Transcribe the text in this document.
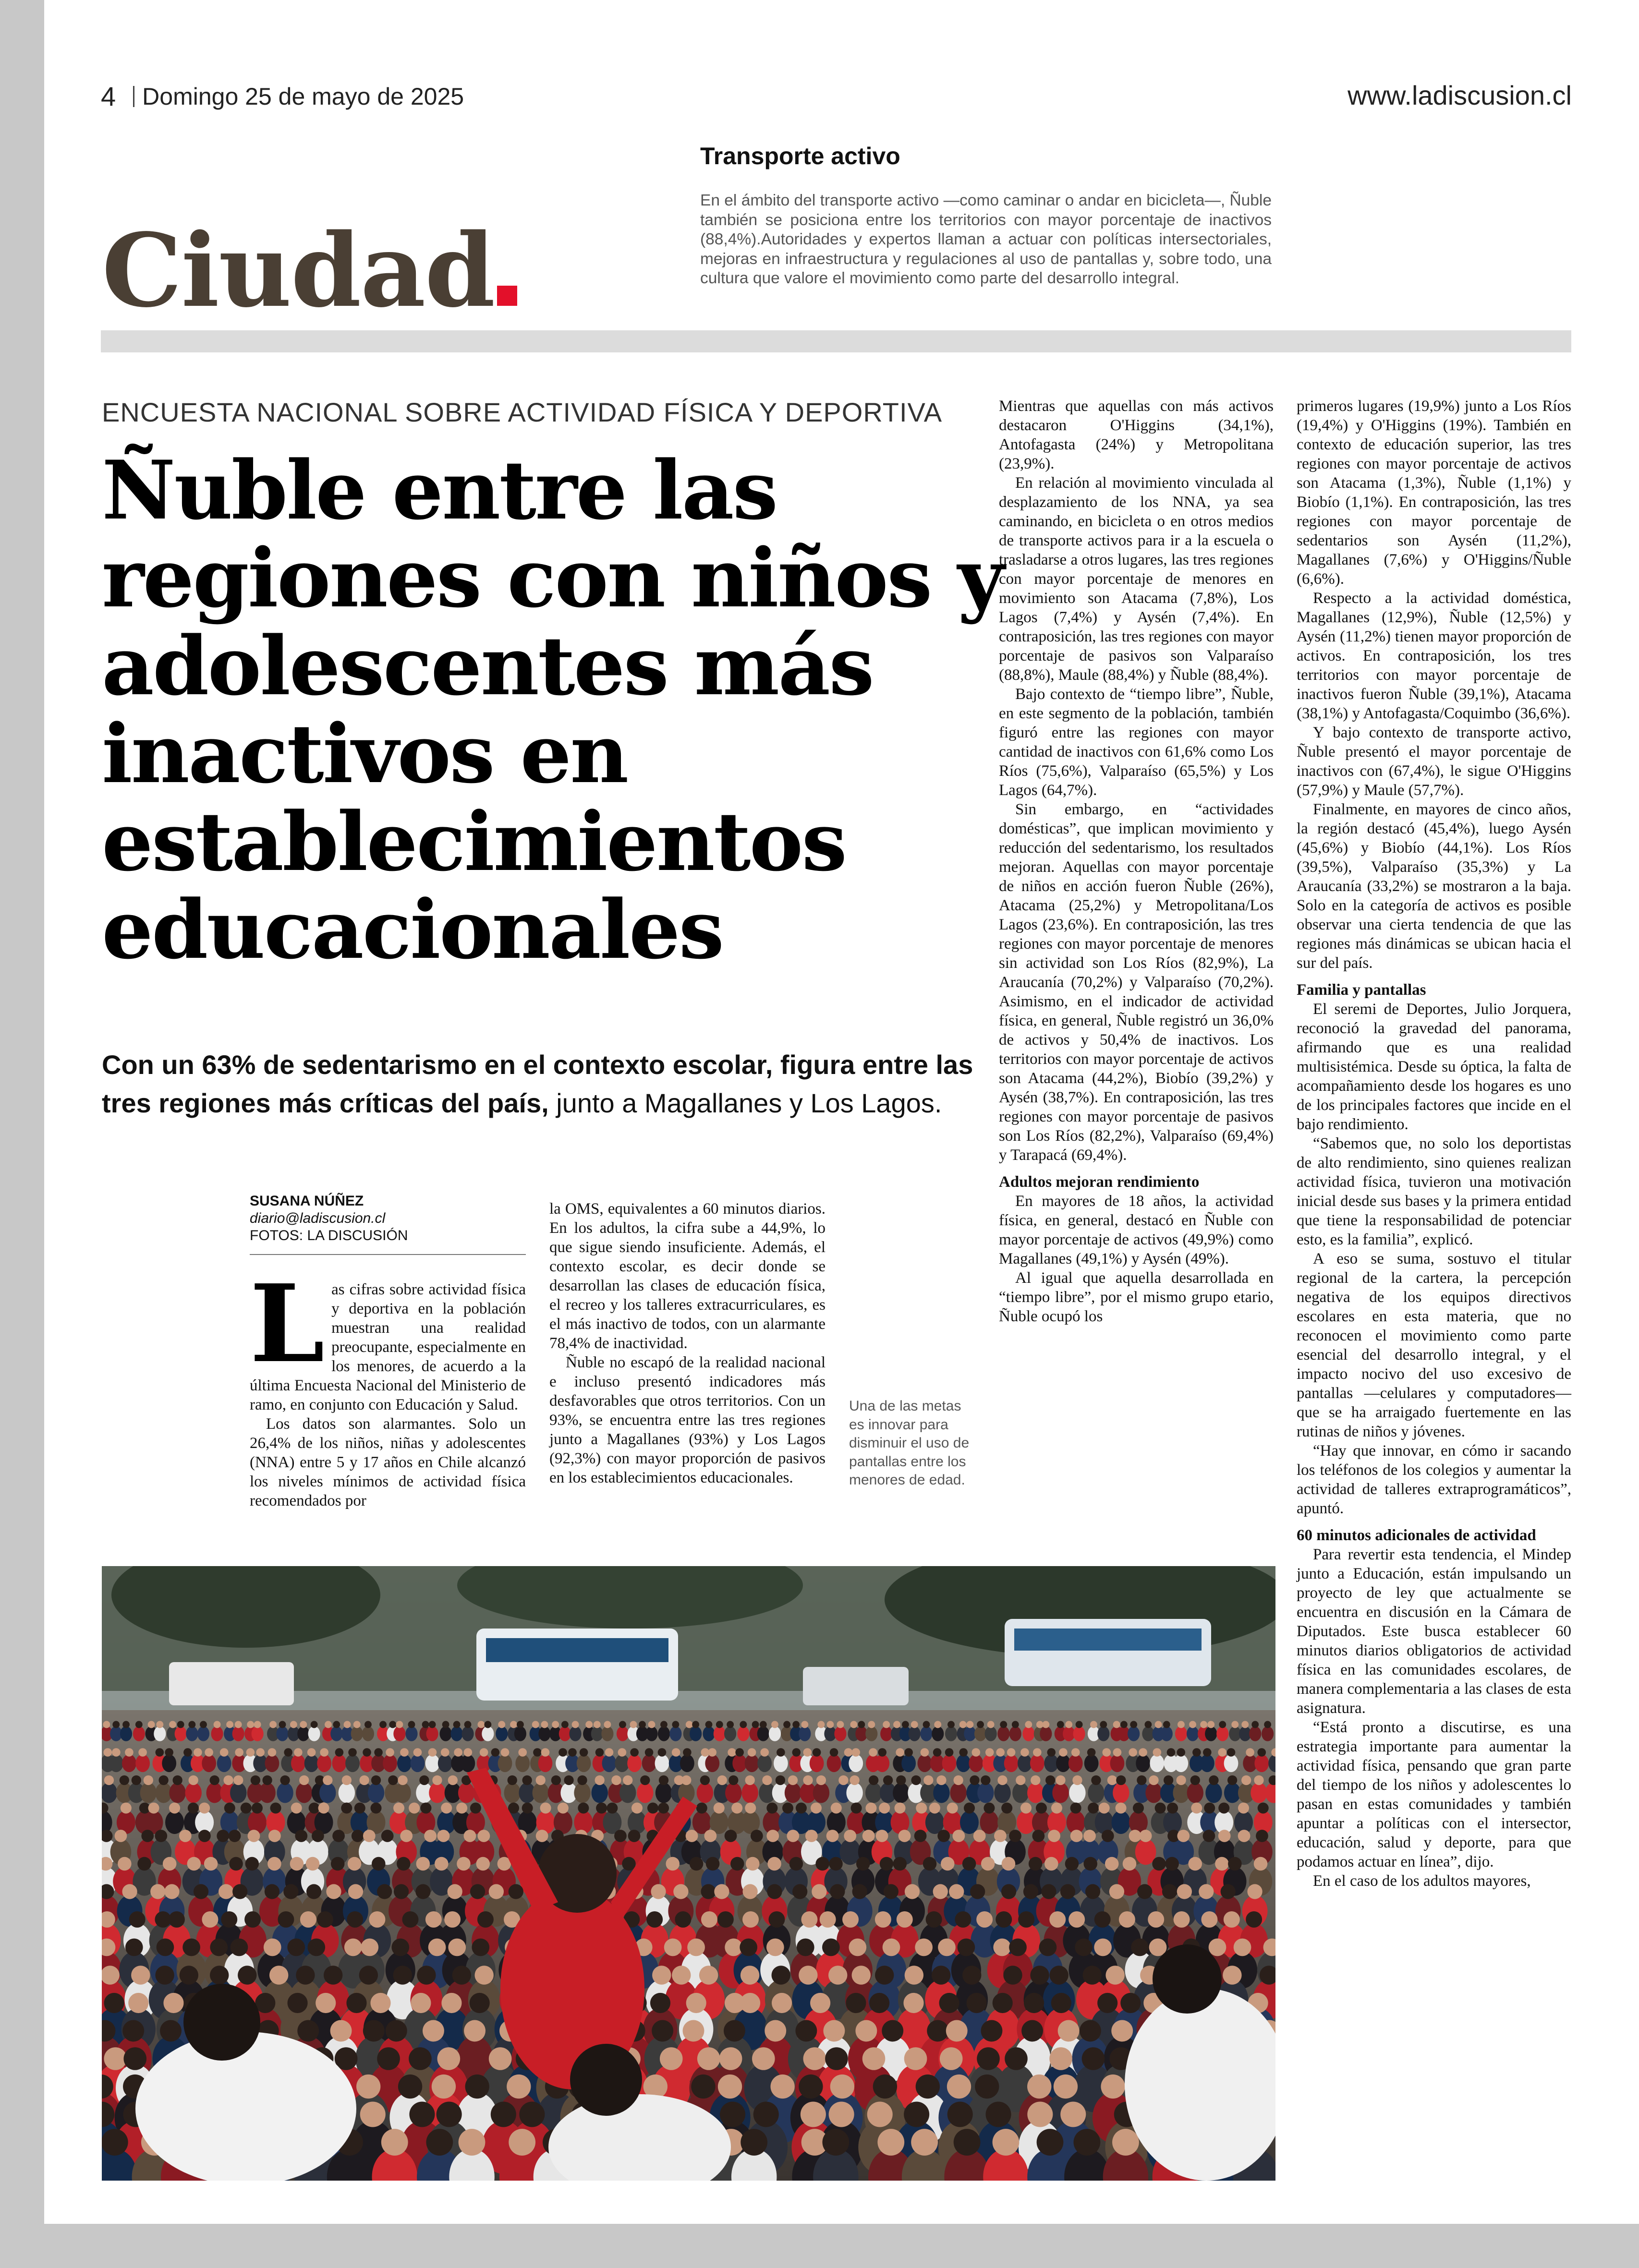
4 Domingo 25 de mayo de 2025	www.ladiscusion.cl
Ciudad
Transporte activo
En el ámbito del transporte activo —como caminar o andar en bicicleta—, Ñuble también se posiciona entre los territorios con mayor porcentaje de inactivos (88,4%).Autoridades y expertos llaman a actuar con políticas intersectoriales, mejoras en infraestructura y regulaciones al uso de pantallas y, sobre todo, una cultura que valore el movimiento como parte del desarrollo integral.
ENCUESTA NACIONAL SOBRE ACTIVIDAD FÍSICA Y DEPORTIVA
Ñuble entre las regiones con niños y adolescentes más inactivos en establecimientos educacionales
Con un 63% de sedentarismo en el contexto escolar, figura entre las tres regiones más críticas del país, junto a Magallanes y Los Lagos.
SUSANA NÚÑEZ
diario@ladiscusion.cl
FOTOS: LA DISCUSIÓN
L as cifras sobre actividad física y deportiva en la población muestran una realidad preocupante, especialmente en los menores, de acuerdo a la última Encuesta Nacional del Ministerio de ramo, en conjunto con Educación y Salud.

Los datos son alarmantes. Solo un 26,4% de los niños, niñas y adolescentes (NNA) entre 5 y 17 años en Chile alcanzó los niveles mínimos de actividad física recomendados por

la OMS, equivalentes a 60 minutos diarios. En los adultos, la cifra sube a 44,9%, lo que sigue siendo insuficiente. Además, el contexto escolar, es decir donde se desarrollan las clases de educación física, el recreo y los talleres extracurriculares, es el más inactivo de todos, con un alarmante 78,4% de inactividad.

Ñuble no escapó de la realidad nacional e incluso presentó indicadores más desfavorables que otros territorios. Con un 93%, se encuentra entre las tres regiones junto a Magallanes (93%) y Los Lagos (92,3%) con mayor proporción de pasivos en los establecimientos educacionales.

Una de las metas es innovar para disminuir el uso de pantallas entre los menores de edad.

Mientras que aquellas con más activos destacaron O'Higgins (34,1%), Antofagasta (24%) y Metropolitana (23,9%).

En relación al movimiento vinculada al desplazamiento de los NNA, ya sea caminando, en bicicleta o en otros medios de transporte activos para ir a la escuela o trasladarse a otros lugares, las tres regiones con mayor porcentaje de menores en movimiento son Atacama (7,8%), Los Lagos (7,4%) y Aysén (7,4%). En contraposición, las tres regiones con mayor porcentaje de pasivos son Valparaíso (88,8%), Maule (88,4%) y Ñuble (88,4%).

Bajo contexto de “tiempo libre”, Ñuble, en este segmento de la población, también figuró entre las regiones con mayor cantidad de inactivos con 61,6% como Los Ríos (75,6%), Valparaíso (65,5%) y Los Lagos (64,7%).

Sin embargo, en “actividades domésticas”, que implican movimiento y reducción del sedentarismo, los resultados mejoran. Aquellas con mayor porcentaje de niños en acción fueron Ñuble (26%), Atacama (25,2%) y Metropolitana/Los Lagos (23,6%). En contraposición, las tres regiones con mayor porcentaje de menores sin actividad son Los Ríos (82,9%), La Araucanía (70,2%) y Valparaíso (70,2%). Asimismo, en el indicador de actividad física, en general, Ñuble registró un 36,0% de activos y 50,4% de inactivos. Los territorios con mayor porcentaje de activos son Atacama (44,2%), Biobío (39,2%) y Aysén (38,7%). En contraposición, las tres regiones con mayor porcentaje de pasivos son Los Ríos (82,2%), Valparaíso (69,4%) y Tarapacá (69,4%).

Adultos mejoran rendimiento

En mayores de 18 años, la actividad física, en general, destacó en Ñuble con mayor porcentaje de activos (49,9%) como Magallanes (49,1%) y Aysén (49%).

Al igual que aquella desarrollada en “tiempo libre”, por el mismo grupo etario, Ñuble ocupó los

primeros lugares (19,9%) junto a Los Ríos (19,4%) y O'Higgins (19%). También en contexto de educación superior, las tres regiones con mayor porcentaje de activos son Atacama (1,3%), Ñuble (1,1%) y Biobío (1,1%). En contraposición, las tres regiones con mayor porcentaje de sedentarios son Aysén (11,2%), Magallanes (7,6%) y O'Higgins/Ñuble (6,6%).

Respecto a la actividad doméstica, Magallanes (12,9%), Ñuble (12,5%) y Aysén (11,2%) tienen mayor proporción de activos. En contraposición, los tres territorios con mayor porcentaje de inactivos fueron Ñuble (39,1%), Atacama (38,1%) y Antofagasta/Coquimbo (36,6%).

Y bajo contexto de transporte activo, Ñuble presentó el mayor porcentaje de inactivos con (67,4%), le sigue O'Higgins (57,9%) y Maule (57,7%).

Finalmente, en mayores de cinco años, la región destacó (45,4%), luego Aysén (45,6%) y Biobío (44,1%). Los Ríos (39,5%), Valparaíso (35,3%) y La Araucanía (33,2%) se mostraron a la baja. Solo en la categoría de activos es posible observar una cierta tendencia de que las regiones más dinámicas se ubican hacia el sur del país.

Familia y pantallas

El seremi de Deportes, Julio Jorquera, reconoció la gravedad del panorama, afirmando que es una realidad multisistémica. Desde su óptica, la falta de acompañamiento desde los hogares es uno de los principales factores que incide en el bajo rendimiento.

“Sabemos que, no solo los deportistas de alto rendimiento, sino quienes realizan actividad física, tuvieron una motivación inicial desde sus bases y la primera entidad que tiene la responsabilidad de potenciar esto, es la familia”, explicó.

A eso se suma, sostuvo el titular regional de la cartera, la percepción negativa de los equipos directivos escolares en esta materia, que no reconocen el movimiento como parte esencial del desarrollo integral, y el impacto nocivo del uso excesivo de pantallas —celulares y computadores— que se ha arraigado fuertemente en las rutinas de niños y jóvenes.

“Hay que innovar, en cómo ir sacando los teléfonos de los colegios y aumentar la actividad de talleres extraprogramáticos”, apuntó.

60 minutos adicionales de actividad

Para revertir esta tendencia, el Mindep junto a Educación, están impulsando un proyecto de ley que actualmente se encuentra en discusión en la Cámara de Diputados. Este busca establecer 60 minutos diarios obligatorios de actividad física en las comunidades escolares, de manera complementaria a las clases de esta asignatura.

“Está pronto a discutirse, es una estrategia importante para aumentar la actividad física, pensando que gran parte del tiempo de los niños y adolescentes lo pasan en estas comunidades y también apuntar a políticas con el intersector, educación, salud y deporte, para que podamos actuar en línea”, dijo.

En el caso de los adultos mayores,
